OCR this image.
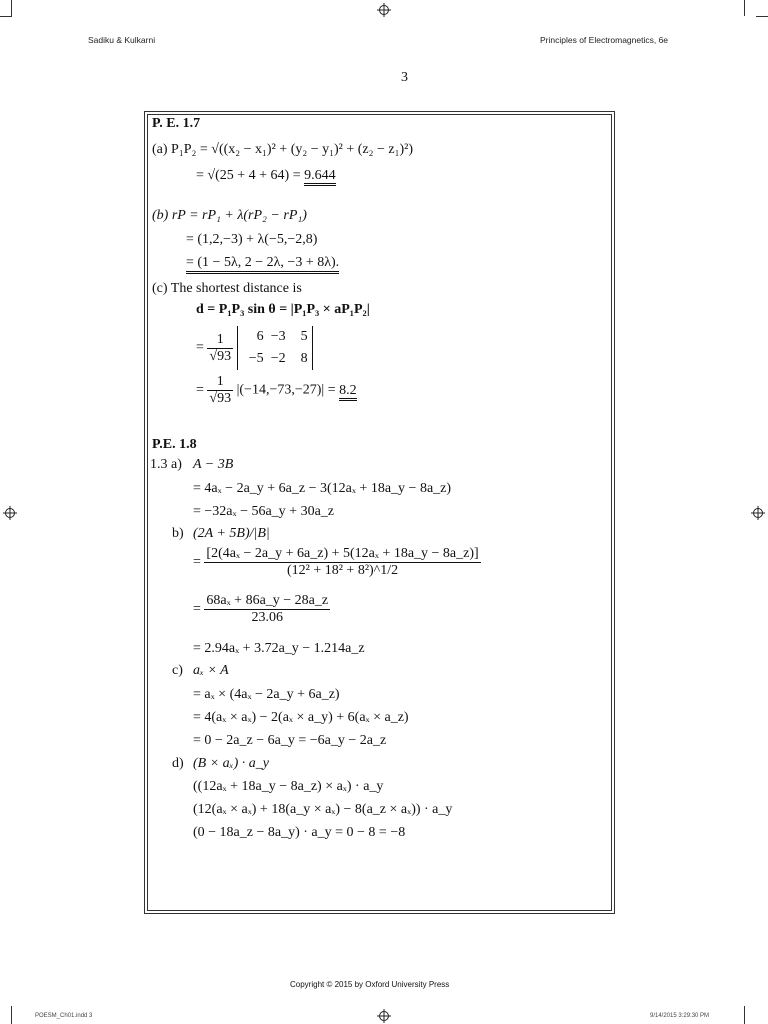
Sadiku & Kulkarni	Principles of Electromagnetics, 6e
3
P. E. 1.7
(a) P₁P₂ = √((x₂ − x₁)² + (y₂ − y₁)² + (z₂ − z₁)²)
= √(25 + 4 + 64) = 9.644
(b) rP = rP₁ + λ(rP₂ − rP₁)
= (1,2,−3) + λ(−5,−2,8)
= (1 − 5λ, 2 − 2λ, −3 + 8λ).
(c) The shortest distance is
d = P₁P₃ sin θ = |P₁P₃ × aP₁P₂|
= $\frac{1}{√93} 6 -3$ 5
−5 −2 8
= $\frac{1}{√93} |(-14,-73,-27)| = 8.2$
P.E. 1.8
1.3 a) A − 3B
= 4aₓ − 2a_y + 6a_z − 3(12aₓ + 18a_y − 8a_z)
= −32aₓ − 56a_y + 30a_z
b) (2A + 5B)/|B|
= $\frac{\text{[2(4aₓ − 2a\_y + 6a\_z) + 5(12aₓ + 18a\_y − 8a\_z)]}}{\text{(12² + 18² + 8²)\textasciicircum{}1/2}}$
= $\frac{\text{68aₓ + 86a\_y − 28a\_z}}{23.06}$
= 2.94aₓ + 3.72a_y − 1.214a_z
c) aₓ × A
= aₓ × (4aₓ − 2a_y + 6a_z)
= 4(aₓ × aₓ) − 2(aₓ × a_y) + 6(aₓ × a_z)
= 0 − 2a_z − 6a_y = −6a_y − 2a_z
d) (B × aₓ) · a_y
((12aₓ + 18a_y − 8a_z) × aₓ) · a_y
(12(aₓ × aₓ) + 18(a_y × aₓ) − 8(a_z × aₓ)) · a_y
(0 − 18a_z − 8a_y) · a_y = 0 − 8 = −8
Copyright © 2015 by Oxford University Press
POESM_Ch01.indd 3	9/14/2015 3:29:30 PM
